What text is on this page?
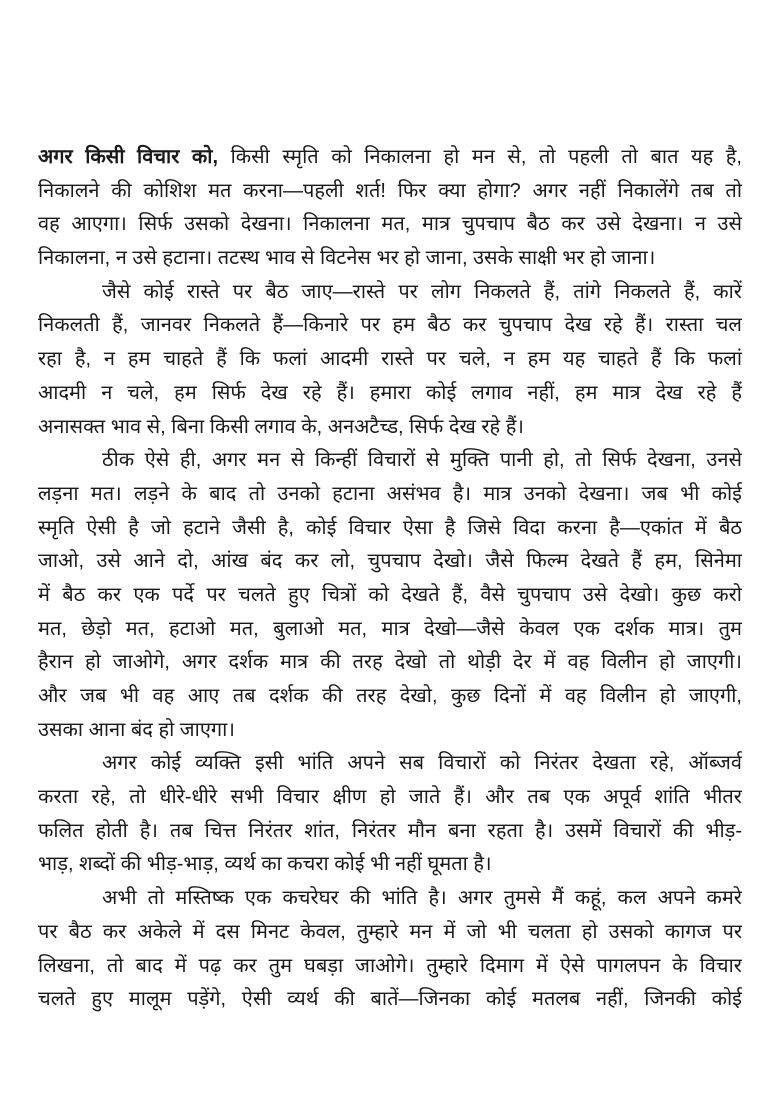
अगर किसी विचार को, किसी स्मृति को निकालना हो मन से, तो पहली तो बात यह है,
निकालने की कोशिश मत करना—पहली शर्त! फिर क्या होगा? अगर नहीं निकालेंगे तब तो
वह आएगा। सिर्फ उसको देखना। निकालना मत, मात्र चुपचाप बैठ कर उसे देखना। न उसे
निकालना, न उसे हटाना। तटस्थ भाव से विटनेस भर हो जाना, उसके साक्षी भर हो जाना।
जैसे कोई रास्ते पर बैठ जाए—रास्ते पर लोग निकलते हैं, तांगे निकलते हैं, कारें
निकलती हैं, जानवर निकलते हैं—किनारे पर हम बैठ कर चुपचाप देख रहे हैं। रास्ता चल
रहा है, न हम चाहते हैं कि फलां आदमी रास्ते पर चले, न हम यह चाहते हैं कि फलां
आदमी न चले, हम सिर्फ देख रहे हैं। हमारा कोई लगाव नहीं, हम मात्र देख रहे हैं
अनासक्त भाव से, बिना किसी लगाव के, अनअटैच्ड, सिर्फ देख रहे हैं।
ठीक ऐसे ही, अगर मन से किन्हीं विचारों से मुक्ति पानी हो, तो सिर्फ देखना, उनसे
लड़ना मत। लड़ने के बाद तो उनको हटाना असंभव है। मात्र उनको देखना। जब भी कोई
स्मृति ऐसी है जो हटाने जैसी है, कोई विचार ऐसा है जिसे विदा करना है—एकांत में बैठ
जाओ, उसे आने दो, आंख बंद कर लो, चुपचाप देखो। जैसे फिल्म देखते हैं हम, सिनेमा
में बैठ कर एक पर्दे पर चलते हुए चित्रों को देखते हैं, वैसे चुपचाप उसे देखो। कुछ करो
मत, छेड़ो मत, हटाओ मत, बुलाओ मत, मात्र देखो—जैसे केवल एक दर्शक मात्र। तुम
हैरान हो जाओगे, अगर दर्शक मात्र की तरह देखो तो थोड़ी देर में वह विलीन हो जाएगी।
और जब भी वह आए तब दर्शक की तरह देखो, कुछ दिनों में वह विलीन हो जाएगी,
उसका आना बंद हो जाएगा।
अगर कोई व्यक्ति इसी भांति अपने सब विचारों को निरंतर देखता रहे, ऑब्जर्व
करता रहे, तो धीरे-धीरे सभी विचार क्षीण हो जाते हैं। और तब एक अपूर्व शांति भीतर
फलित होती है। तब चित्त निरंतर शांत, निरंतर मौन बना रहता है। उसमें विचारों की भीड़-
भाड़, शब्दों की भीड़-भाड़, व्यर्थ का कचरा कोई भी नहीं घूमता है।
अभी तो मस्तिष्क एक कचरेघर की भांति है। अगर तुमसे मैं कहूं, कल अपने कमरे
पर बैठ कर अकेले में दस मिनट केवल, तुम्हारे मन में जो भी चलता हो उसको कागज पर
लिखना, तो बाद में पढ़ कर तुम घबड़ा जाओगे। तुम्हारे दिमाग में ऐसे पागलपन के विचार
चलते हुए मालूम पड़ेंगे, ऐसी व्यर्थ की बातें—जिनका कोई मतलब नहीं, जिनकी कोई
